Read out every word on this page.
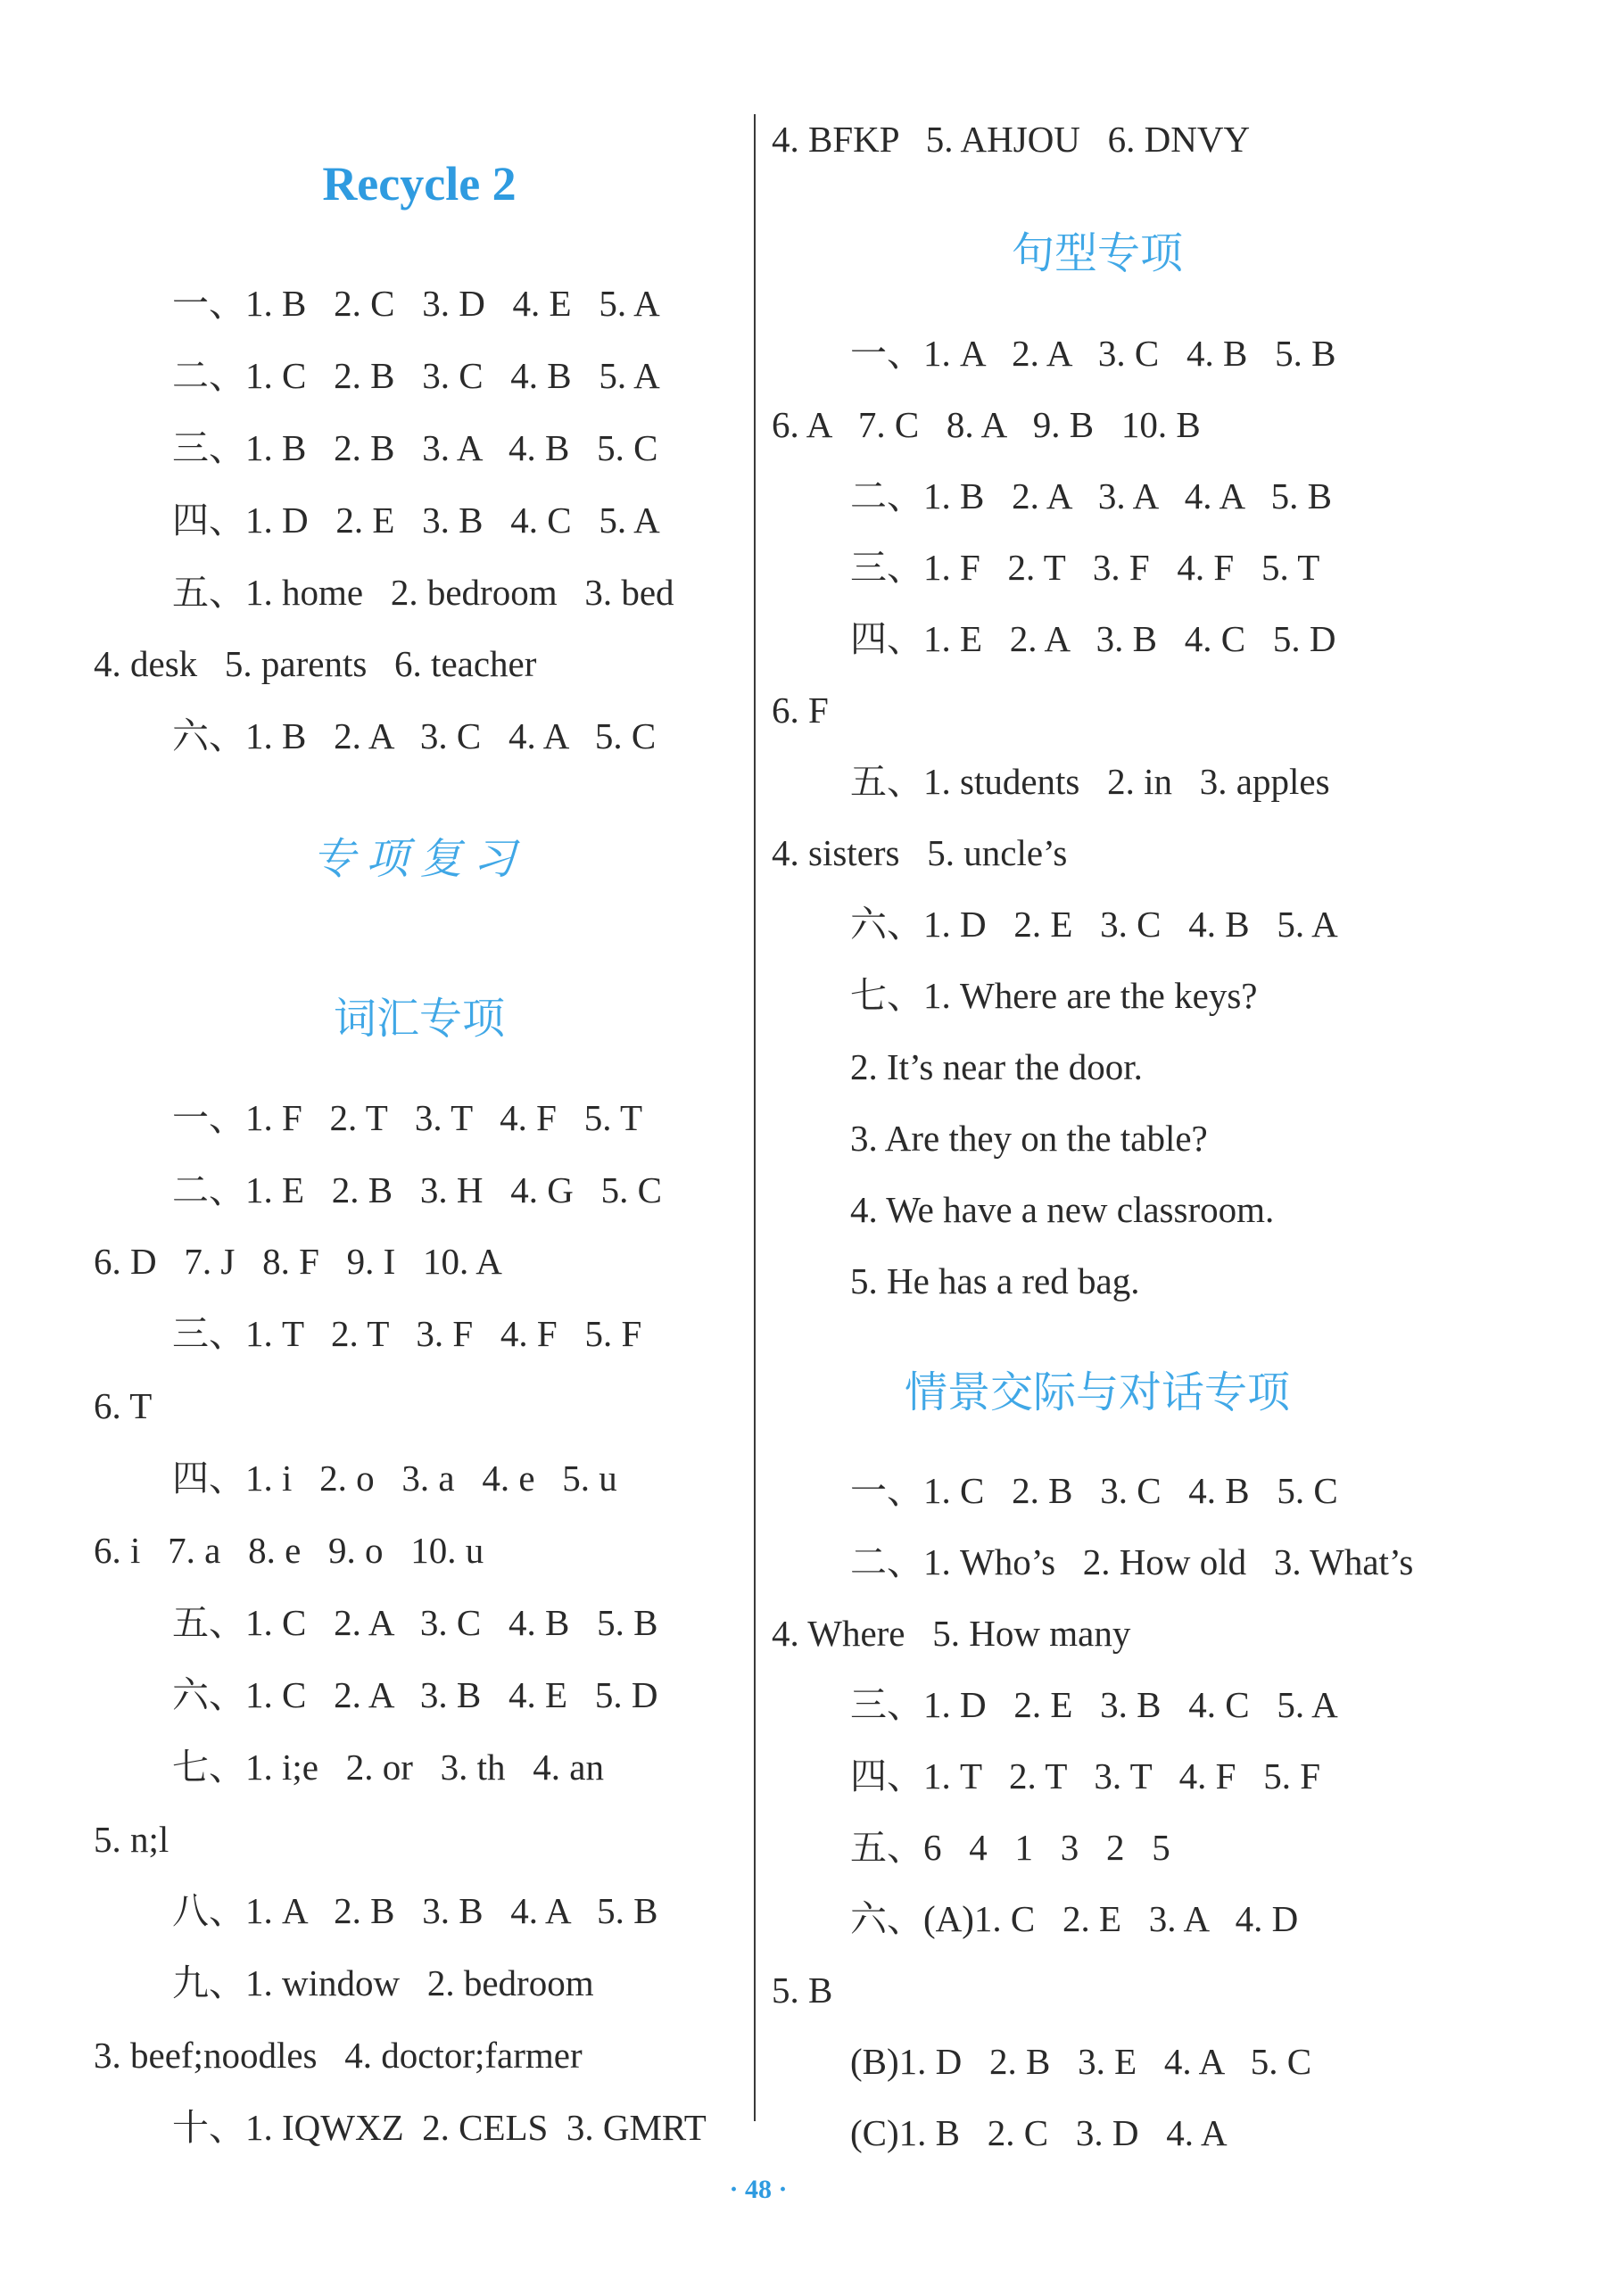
Recycle 2
一、1. B   2. C   3. D   4. E   5. A
二、1. C   2. B   3. C   4. B   5. A
三、1. B   2. B   3. A   4. B   5. C
四、1. D   2. E   3. B   4. C   5. A
五、1. home   2. bedroom   3. bed
4. desk   5. parents   6. teacher
六、1. B   2. A   3. C   4. A   5. C
专项复习
词汇专项
一、1. F   2. T   3. T   4. F   5. T
二、1. E   2. B   3. H   4. G   5. C
6. D   7. J   8. F   9. I   10. A
三、1. T   2. T   3. F   4. F   5. F
6. T
四、1. i   2. o   3. a   4. e   5. u
6. i   7. a   8. e   9. o   10. u
五、1. C   2. A   3. C   4. B   5. B
六、1. C   2. A   3. B   4. E   5. D
七、1. i;e   2. or   3. th   4. an
5. n;l
八、1. A   2. B   3. B   4. A   5. B
九、1. window   2. bedroom
3. beef;noodles   4. doctor;farmer
十、1. IQWXZ  2. CELS  3. GMRT
4. BFKP   5. AHJOU   6. DNVY
句型专项
一、1. A   2. A   3. C   4. B   5. B
6. A   7. C   8. A   9. B   10. B
二、1. B   2. A   3. A   4. A   5. B
三、1. F   2. T   3. F   4. F   5. T
四、1. E   2. A   3. B   4. C   5. D
6. F
五、1. students   2. in   3. apples
4. sisters   5. uncle’s
六、1. D   2. E   3. C   4. B   5. A
七、1. Where are the keys?
2. It’s near the door.
3. Are they on the table?
4. We have a new classroom.
5. He has a red bag.
情景交际与对话专项
一、1. C   2. B   3. C   4. B   5. C
二、1. Who’s   2. How old   3. What’s
4. Where   5. How many
三、1. D   2. E   3. B   4. C   5. A
四、1. T   2. T   3. T   4. F   5. F
五、6   4   1   3   2   5
六、(A)1. C   2. E   3. A   4. D
5. B
(B)1. D   2. B   3. E   4. A   5. C
(C)1. B   2. C   3. D   4. A
· 48 ·
